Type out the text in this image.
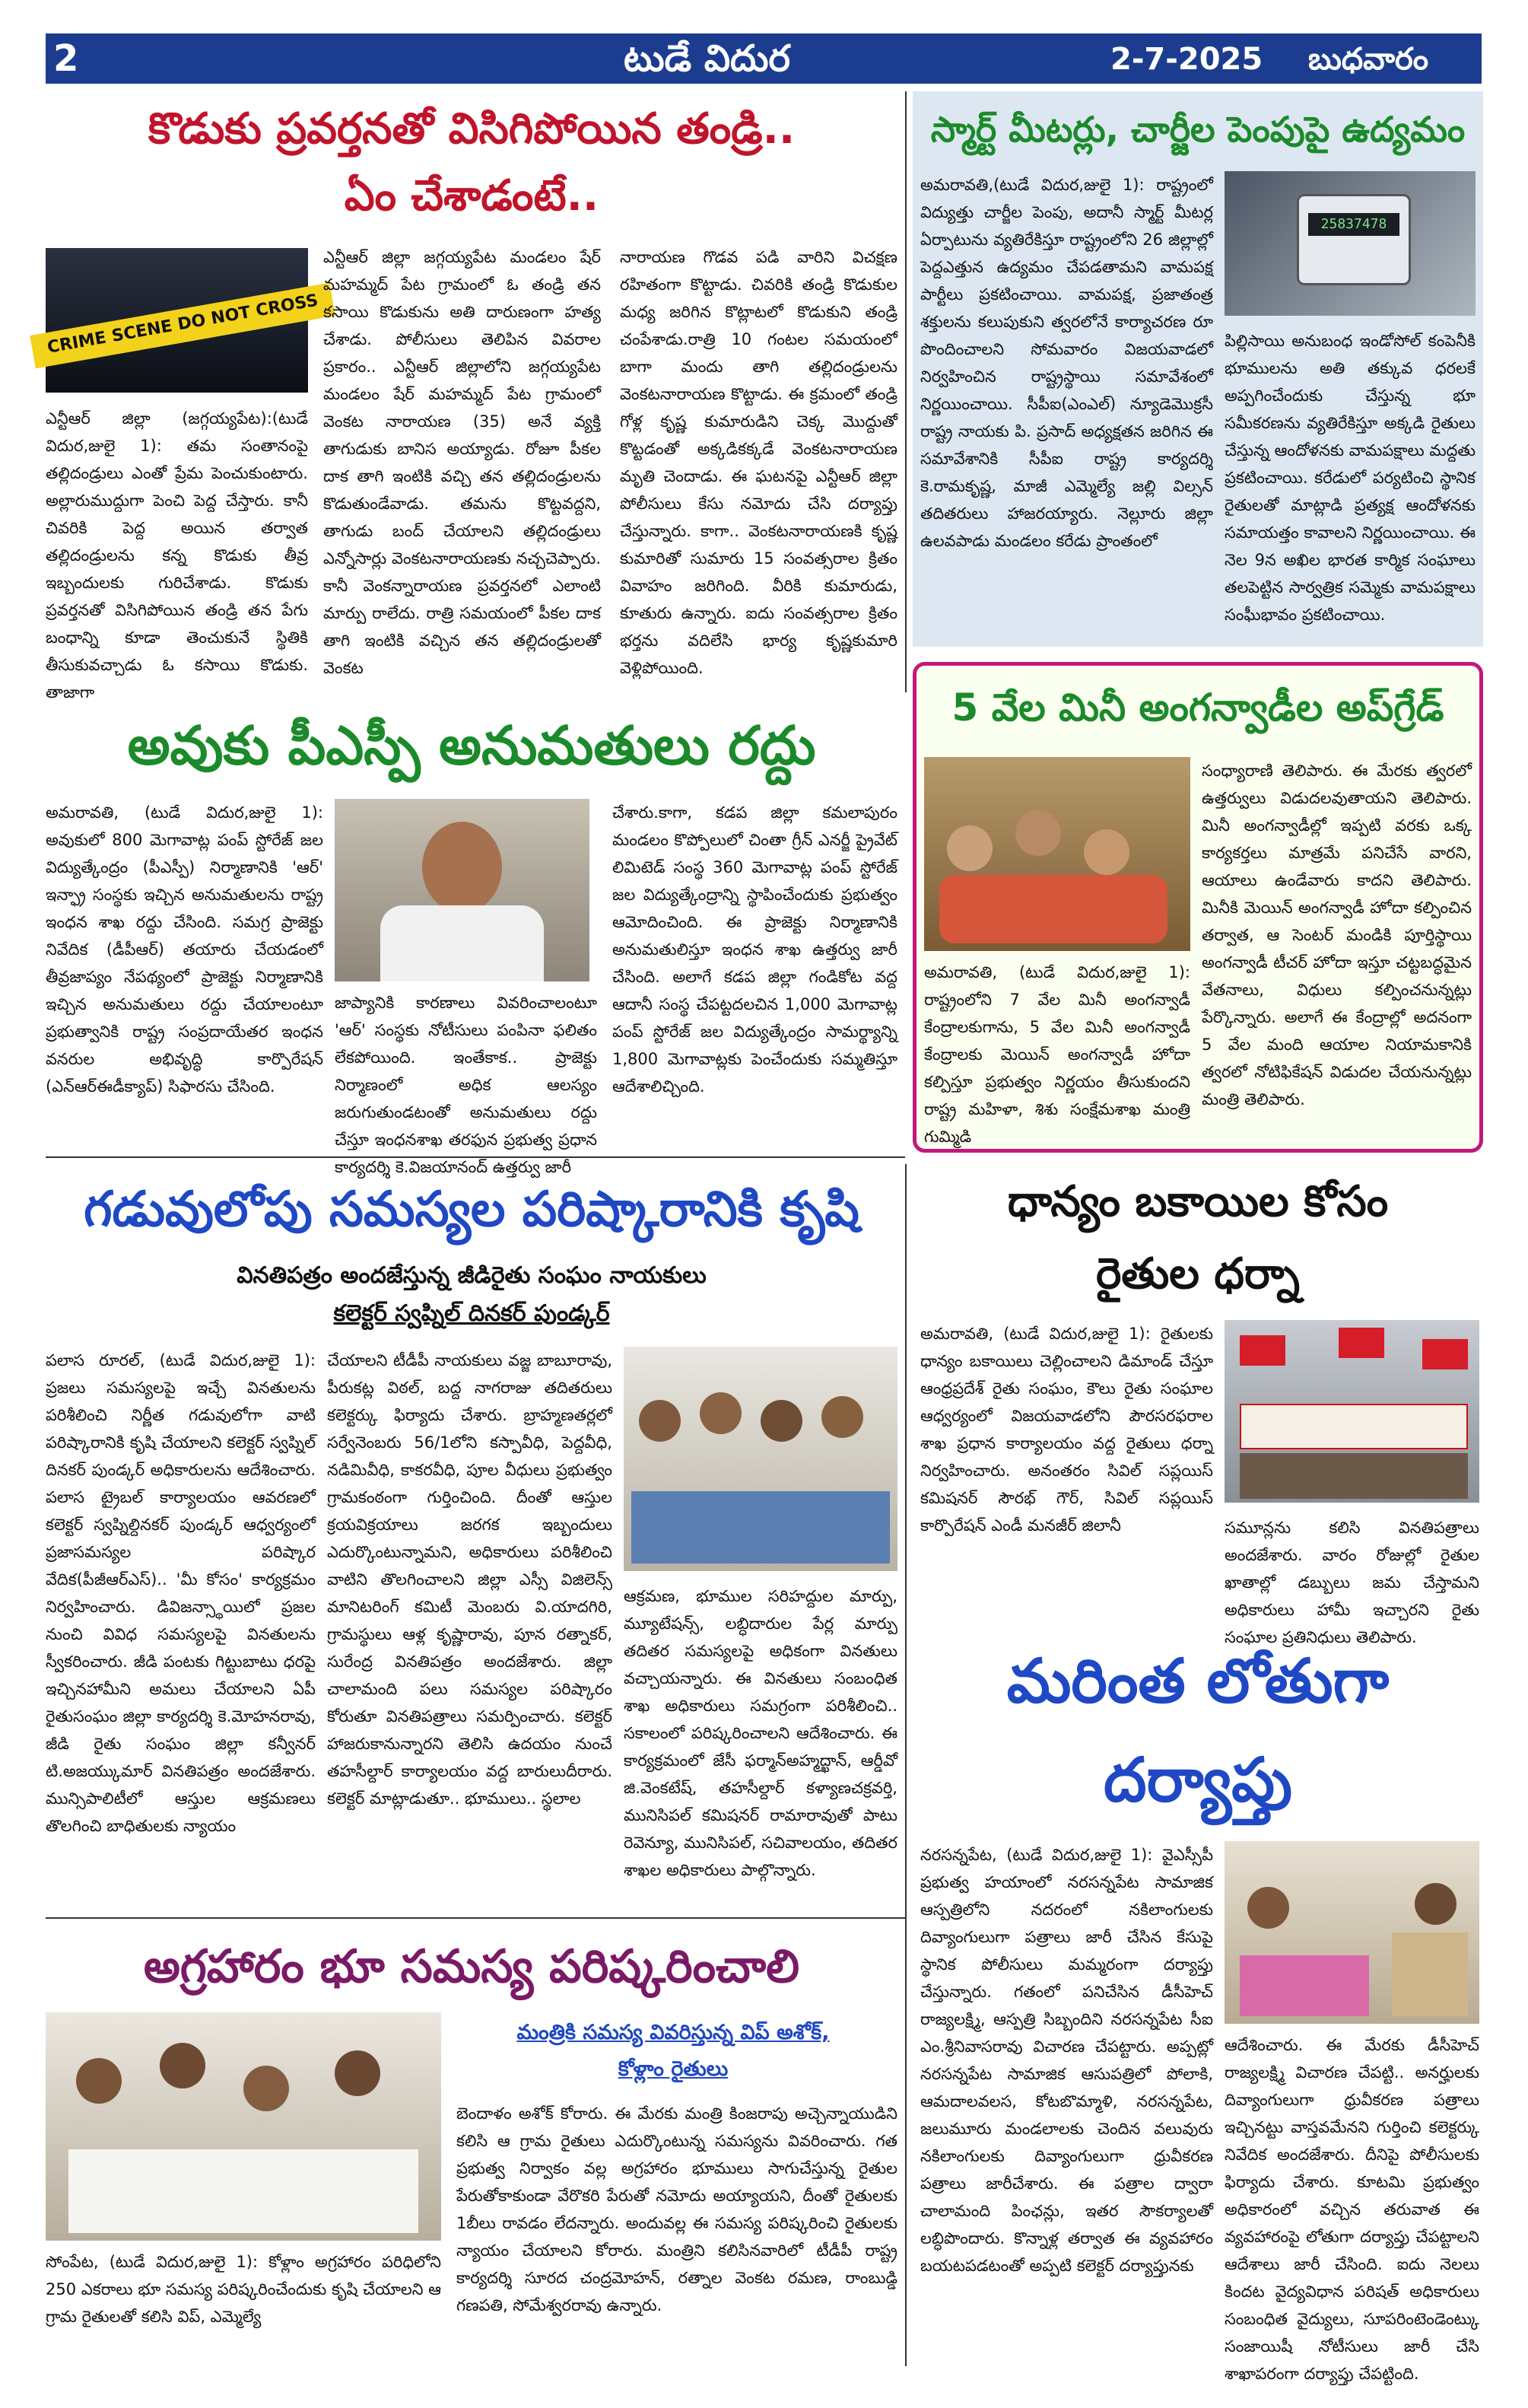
2	టుడే విదుర	2-7-2025 బుధవారం
కొడుకు ప్రవర్తనతో విసిగిపోయిన తండ్రి..
ఏం చేశాడంటే..
CRIME SCENE DO NOT CROSS
ఎన్టీఆర్ జిల్లా (జగ్గయ్యపేట):(టుడే విదుర,జులై 1): తమ సంతానంపై తల్లిదండ్రులు ఎంతో ప్రేమ పెంచుకుంటారు. అల్లారుముద్దుగా పెంచి పెద్ద చేస్తారు. కానీ చివరికి పెద్ద అయిన తర్వాత తల్లిదండ్రులను కన్న కొడుకు తీవ్ర ఇబ్బందులకు గురిచేశాడు. కొడుకు ప్రవర్తనతో విసిగిపోయిన తండ్రి తన పేగు బంధాన్ని కూడా తెంచుకునే స్థితికి తీసుకువచ్చాడు ఓ కసాయి కొడుకు. తాజాగా
ఎన్టీఆర్ జిల్లా జగ్గయ్యపేట మండలం షేర్ మహమ్మద్ పేట గ్రామంలో ఓ తండ్రి తన కసాయి కొడుకును అతి దారుణంగా హత్య చేశాడు. పోలీసులు తెలిపిన వివరాల ప్రకారం.. ఎన్టీఆర్ జిల్లాలోని జగ్గయ్యపేట మండలం షేర్ మహమ్మద్ పేట గ్రామంలో వెంకట నారాయణ (35) అనే వ్యక్తి తాగుడుకు బానిస అయ్యాడు. రోజూ పీకల దాక తాగి ఇంటికి వచ్చి తన తల్లిదండ్రులను కొడుతుండేవాడు. తమను కొట్టవద్దని, తాగుడు బంద్ చేయాలని తల్లిదండ్రులు ఎన్నోసార్లు వెంకటనారాయణకు నచ్చచెప్పారు. కానీ వెంకన్నారాయణ ప్రవర్తనలో ఎలాంటి మార్పు రాలేదు. రాత్రి సమయంలో పీకల దాక తాగి ఇంటికి వచ్చిన తన తల్లిదండ్రులతో వెంకట
నారాయణ గొడవ పడి వారిని విచక్షణ రహితంగా కొట్టాడు. చివరికి తండ్రి కొడుకుల మధ్య జరిగిన కొట్లాటలో కొడుకుని తండ్రి చంపేశాడు.రాత్రి 10 గంటల సమయంలో బాగా మందు తాగి తల్లిదండ్రులను వెంకటనారాయణ కొట్టాడు. ఈ క్రమంలో తండ్రి గోళ్ల కృష్ణ కుమారుడిని చెక్క మొద్దుతో కొట్టడంతో అక్కడికక్కడే వెంకటనారాయణ మృతి చెందాడు. ఈ ఘటనపై ఎన్టీఆర్ జిల్లా పోలీసులు కేసు నమోదు చేసి దర్యాప్తు చేస్తున్నారు. కాగా.. వెంకటనారాయణకి కృష్ణ కుమారితో సుమారు 15 సంవత్సరాల క్రితం వివాహం జరిగింది. వీరికి కుమారుడు, కూతురు ఉన్నారు. ఐదు సంవత్సరాల క్రితం భర్తను వదిలేసి భార్య కృష్ణకుమారి వెళ్లిపోయింది.
స్మార్ట్ మీటర్లు, చార్జీల పెంపుపై ఉద్యమం
25837478
అమరావతి,(టుడే విదుర,జులై 1): రాష్ట్రంలో విద్యుత్తు చార్జీల పెంపు, అదానీ స్మార్ట్ మీటర్ల ఏర్పాటును వ్యతిరేకిస్తూ రాష్ట్రంలోని 26 జిల్లాల్లో పెద్దఎత్తున ఉద్యమం చేపడతామని వామపక్ష పార్టీలు ప్రకటించాయి. వామపక్ష, ప్రజాతంత్ర శక్తులను కలుపుకుని త్వరలోనే కార్యాచరణ రూ పొందించాలని సోమవారం విజయవాడలో నిర్వహించిన రాష్ట్రస్థాయి సమావేశంలో నిర్ణయించాయి. సీపీఐ(ఎంఎల్) న్యూడెమొక్రసీ రాష్ట్ర నాయకు పి. ప్రసాద్ అధ్యక్షతన జరిగిన ఈ సమావేశానికి సీపీఐ రాష్ట్ర కార్యదర్శి కె.రామకృష్ణ, మాజీ ఎమ్మెల్యే జల్లి విల్సన్ తదితరులు హాజరయ్యారు. నెల్లూరు జిల్లా ఉలవపాడు మండలం కరేడు ప్రాంతంలో
పిల్లిసాయి అనుబంధ ఇండోసోల్ కంపెనీకి భూములను అతి తక్కువ ధరలకే అప్పగించేందుకు చేస్తున్న భూ సమీకరణను వ్యతిరేకిస్తూ అక్కడి రైతులు చేస్తున్న ఆందోళనకు వామపక్షాలు మద్దతు ప్రకటించాయి. కరేడులో పర్యటించి స్థానిక రైతులతో మాట్లాడి ప్రత్యక్ష ఆందోళనకు సమాయత్తం కావాలని నిర్ణయించాయి. ఈ నెల 9న అఖిల భారత కార్మిక సంఘాలు తలపెట్టిన సార్వత్రిక సమ్మెకు వామపక్షాలు సంఘీభావం ప్రకటించాయి.
5 వేల మినీ అంగన్వాడీల అప్‌గ్రేడ్
అమరావతి, (టుడే విదుర,జులై 1): రాష్ట్రంలోని 7 వేల మినీ అంగన్వాడీ కేంద్రాలకుగాను, 5 వేల మినీ అంగన్వాడీ కేంద్రాలకు మెయిన్ అంగన్వాడీ హోదా కల్పిస్తూ ప్రభుత్వం నిర్ణయం తీసుకుందని రాష్ట్ర మహిళా, శిశు సంక్షేమశాఖ మంత్రి గుమ్మిడి
సంధ్యారాణి తెలిపారు. ఈ మేరకు త్వరలో ఉత్తర్వులు విడుదలవుతాయని తెలిపారు. మినీ అంగన్వాడీల్లో ఇప్పటి వరకు ఒక్క కార్యకర్తలు మాత్రమే పనిచేసే వారని, ఆయాలు ఉండేవారు కాదని తెలిపారు. మినీకి మెయిన్ అంగన్వాడీ హోదా కల్పించిన తర్వాత, ఆ సెంటర్ మండికి పూర్తిస్థాయి అంగన్వాడీ టీచర్ హోదా ఇస్తూ చట్టబద్ధమైన వేతనాలు, విధులు కల్పించనున్నట్లు పేర్కొన్నారు. అలాగే ఈ కేంద్రాల్లో అదనంగా 5 వేల మంది ఆయాల నియామకానికి త్వరలో నోటిఫికేషన్ విడుదల చేయనున్నట్లు మంత్రి తెలిపారు.
అవుకు పీఎస్పీ అనుమతులు రద్దు
అమరావతి, (టుడే విదుర,జులై 1): అవుకులో 800 మెగావాట్ల పంప్ స్టోరేజ్ జల విద్యుత్కేంద్రం (పీఎస్పీ) నిర్మాణానికి 'ఆర్' ఇన్ఫ్రా సంస్థకు ఇచ్చిన అనుమతులను రాష్ట్ర ఇంధన శాఖ రద్దు చేసింది. సమగ్ర ప్రాజెక్టు నివేదిక (డీపీఆర్) తయారు చేయడంలో తీవ్రజాప్యం నేపథ్యంలో ప్రాజెక్టు నిర్మాణానికి ఇచ్చిన అనుమతులు రద్దు చేయాలంటూ ప్రభుత్వానికి రాష్ట్ర సంప్రదాయేతర ఇంధన వనరుల అభివృద్ధి కార్పొరేషన్ (ఎన్ఆర్ఈడీక్యాప్) సిఫారసు చేసింది.
జాప్యానికి కారణాలు వివరించాలంటూ 'ఆర్' సంస్థకు నోటీసులు పంపినా ఫలితం లేకపోయింది. ఇంతేకాక.. ప్రాజెక్టు నిర్మాణంలో అధిక ఆలస్యం జరుగుతుండటంతో అనుమతులు రద్దు చేస్తూ ఇంధనశాఖ తరఫున ప్రభుత్వ ప్రధాన కార్యదర్శి కె.విజయానంద్ ఉత్తర్వు జారీ
చేశారు.కాగా, కడప జిల్లా కమలాపురం మండలం కొప్పోలులో చింతా గ్రీన్ ఎనర్జీ ప్రైవేట్ లిమిటెడ్ సంస్థ 360 మెగావాట్ల పంప్ స్టోరేజ్ జల విద్యుత్కేంద్రాన్ని స్థాపించేందుకు ప్రభుత్వం ఆమోదించింది. ఈ ప్రాజెక్టు నిర్మాణానికి అనుమతులిస్తూ ఇంధన శాఖ ఉత్తర్వు జారీ చేసింది. అలాగే కడప జిల్లా గండికోట వద్ద ఆదానీ సంస్థ చేపట్టదలచిన 1,000 మెగావాట్ల పంప్ స్టోరేజ్ జల విద్యుత్కేంద్రం సామర్థ్యాన్ని 1,800 మెగావాట్లకు పెంచేందుకు సమ్మతిస్తూ ఆదేశాలిచ్చింది.
గడువులోపు సమస్యల పరిష్కారానికి కృషి
వినతిపత్రం అందజేస్తున్న జీడిరైతు సంఘం నాయకులు
కలెక్టర్ స్వప్నిల్ దినకర్ పుండ్కర్
పలాస రూరల్, (టుడే విదుర,జులై 1): ప్రజలు సమస్యలపై ఇచ్చే వినతులను పరిశీలించి నిర్ణీత గడువులోగా వాటి పరిష్కారానికి కృషి చేయాలని కలెక్టర్ స్వప్నిల్ దినకర్ పుండ్కర్ అధికారులను ఆదేశించారు. పలాస ట్రైబల్ కార్యాలయం ఆవరణలో కలెక్టర్ స్వప్నిల్దినకర్ పుండ్కర్ ఆధ్వర్యంలో ప్రజాసమస్యల పరిష్కార వేదిక(పీజీఆర్ఎస్).. 'మీ కోసం' కార్యక్రమం నిర్వహించారు. డివిజన్స్థాయిలో ప్రజల నుంచి వివిధ సమస్యలపై వినతులను స్వీకరించారు. జీడి పంటకు గిట్టుబాటు ధరపై ఇచ్చినహామీని అమలు చేయాలని ఏపీ రైతుసంఘం జిల్లా కార్యదర్శి కె.మోహనరావు, జీడి రైతు సంఘం జిల్లా కన్వీనర్ టి.అజయ్కుమార్ వినతిపత్రం అందజేశారు. మున్సిపాలిటీలో ఆస్తుల ఆక్రమణలు తొలగించి బాధితులకు న్యాయం
చేయాలని టీడీపీ నాయకులు వజ్జ బాబూరావు, పీరుకట్ల విఠల్, బద్ద నాగరాజు తదితరులు కలెక్టర్కు ఫిర్యాదు చేశారు. బ్రాహ్మణతర్లలో సర్వేనెంబరు 56/1లోని కస్పావీధి, పెద్దవీధి, నడిమివీధి, కాకరవీధి, పూల వీధులు ప్రభుత్వం గ్రామకంఠంగా గుర్తించింది. దీంతో ఆస్తుల క్రయవిక్రయాలు జరగక ఇబ్బందులు ఎదుర్కొంటున్నామని, అధికారులు పరిశీలించి వాటిని తొలగించాలని జిల్లా ఎస్సీ విజిలెన్స్ మానిటరింగ్ కమిటీ మెంబరు వి.యాదగిరి, గ్రామస్థులు ఆళ్ల కృష్ణారావు, పూన రత్నాకర్, సురేంద్ర వినతిపత్రం అందజేశారు. జిల్లా చాలామంది పలు సమస్యల పరిష్కారం కోరుతూ వినతిపత్రాలు సమర్పించారు. కలెక్టర్ హాజరుకానున్నారని తెలిసి ఉదయం నుంచే తహసీల్దార్ కార్యాలయం వద్ద బారులుదీరారు. కలెక్టర్ మాట్లాడుతూ.. భూములు.. స్థలాల
ఆక్రమణ, భూముల సరిహద్దుల మార్పు, మ్యూటేషన్స్, లబ్ధిదారుల పేర్ల మార్పు తదితర సమస్యలపై అధికంగా వినతులు వచ్చాయన్నారు. ఈ వినతులు సంబంధిత శాఖ అధికారులు సమగ్రంగా పరిశీలించి.. సకాలంలో పరిష్కరించాలని ఆదేశించారు. ఈ కార్యక్రమంలో జేసీ ఫర్మాన్అహ్మద్ఖాన్, ఆర్డీవో జి.వెంకటేష్, తహసీల్దార్ కళ్యాణచక్రవర్తి, మునిసిపల్ కమిషనర్ రామారావుతో పాటు రెవెన్యూ, మునిసిపల్, సచివాలయం, తదితర శాఖల అధికారులు పాల్గొన్నారు.
ధాన్యం బకాయిల కోసం
రైతుల ధర్నా
అమరావతి, (టుడే విదుర,జులై 1): రైతులకు ధాన్యం బకాయిలు చెల్లించాలని డిమాండ్ చేస్తూ ఆంధ్రప్రదేశ్ రైతు సంఘం, కౌలు రైతు సంఘాల ఆధ్వర్యంలో విజయవాడలోని పౌరసరఫరాల శాఖ ప్రధాన కార్యాలయం వద్ద రైతులు ధర్నా నిర్వహించారు. అనంతరం సివిల్ సప్లయిస్ కమిషనర్ సౌరభ్ గౌర్, సివిల్ సప్లయిస్ కార్పొరేషన్ ఎండీ మనజీర్ జిలానీ	సమూన్లను కలిసి వినతిపత్రాలు అందజేశారు. వారం రోజుల్లో రైతుల ఖాతాల్లో డబ్బులు జమ చేస్తామని అధికారులు హామీ ఇచ్చారని రైతు సంఘాల ప్రతినిధులు తెలిపారు.
మరింత లోతుగా
దర్యాప్తు
నరసన్నపేట, (టుడే విదుర,జులై 1): వైఎస్సీపీ ప్రభుత్వ హయాంలో నరసన్నపేట సామాజిక ఆస్పత్రిలోని నదరంలో నకిలాంగులకు దివ్యాంగులుగా పత్రాలు జారీ చేసిన కేసుపై స్థానిక పోలీసులు మమ్మరంగా దర్యాప్తు చేస్తున్నారు. గతంలో పనిచేసిన డీసీహెచ్ రాజ్యలక్ష్మి, ఆస్పత్రి సిబ్బందిని నరసన్నపేట సీఐ ఎం.శ్రీనివాసరావు విచారణ చేపట్టారు. అప్పట్లో నరసన్నపేట సామాజిక ఆసుపత్రిలో పోలాకి, ఆమదాలవలస, కోటబొమ్మాళి, నరసన్నపేట, జలుమూరు మండలాలకు చెందిన వలువురు నకిలాంగులకు దివ్యాంగులుగా ధ్రువీకరణ పత్రాలు జారీచేశారు. ఈ పత్రాల ద్వారా చాలామంది పింఛన్లు, ఇతర సౌకర్యాలతో లబ్ధిపొందారు. కొన్నాళ్ల తర్వాత ఈ వ్యవహారం బయటపడటంతో అప్పటి కలెక్టర్ దర్యాప్తునకు
ఆదేశించారు. ఈ మేరకు డీసీహెచ్ రాజ్యలక్ష్మి విచారణ చేపట్టి.. అనర్హులకు దివ్యాంగులుగా ధ్రువీకరణ పత్రాలు ఇచ్చినట్టు వాస్తవమేనని గుర్తించి కలెక్టర్కు నివేదిక అందజేశారు. దీనిపై పోలీసులకు ఫిర్యాదు చేశారు. కూటమి ప్రభుత్వం అధికారంలో వచ్చిన తరువాత ఈ వ్యవహారంపై లోతుగా దర్యాప్తు చేపట్టాలని ఆదేశాలు జారీ చేసింది. ఐదు నెలలు కిందట వైద్యవిధాన పరిషత్ అధికారులు సంబంధిత వైద్యులు, సూపరింటెండెంట్కు సంజాయిషీ నోటీసులు జారీ చేసి శాఖాపరంగా దర్యాప్తు చేపట్టింది.
అగ్రహారం భూ సమస్య పరిష్కరించాలి
మంత్రికి సమస్య వివరిస్తున్న విప్ అశోక్,
కోళ్లాం రైతులు
సోంపేట, (టుడే విదుర,జులై 1): కోళ్లాం అగ్రహారం పరిధిలోని 250 ఎకరాలు భూ సమస్య పరిష్కరించేందుకు కృషి చేయాలని ఆ గ్రామ రైతులతో కలిసి విప్, ఎమ్మెల్యే
బెందాళం అశోక్ కోరారు. ఈ మేరకు మంత్రి కింజరాపు అచ్చెన్నాయుడిని కలిసి ఆ గ్రామ రైతులు ఎదుర్కొంటున్న సమస్యను వివరించారు. గత ప్రభుత్వ నిర్వాకం వల్ల అగ్రహారం భూములు సాగుచేస్తున్న రైతుల పేరుతోకాకుండా వేరొకరి పేరుతో నమోదు అయ్యాయని, దీంతో రైతులకు 1బీలు రావడం లేదన్నారు. అందువల్ల ఈ సమస్య పరిష్కరించి రైతులకు న్యాయం చేయాలని కోరారు. మంత్రిని కలిసినవారిలో టీడీపీ రాష్ట్ర కార్యదర్శి సూరద చంద్రమోహన్, రత్నాల వెంకట రమణ, రాంబుడ్డి గణపతి, సోమేశ్వరరావు ఉన్నారు.
